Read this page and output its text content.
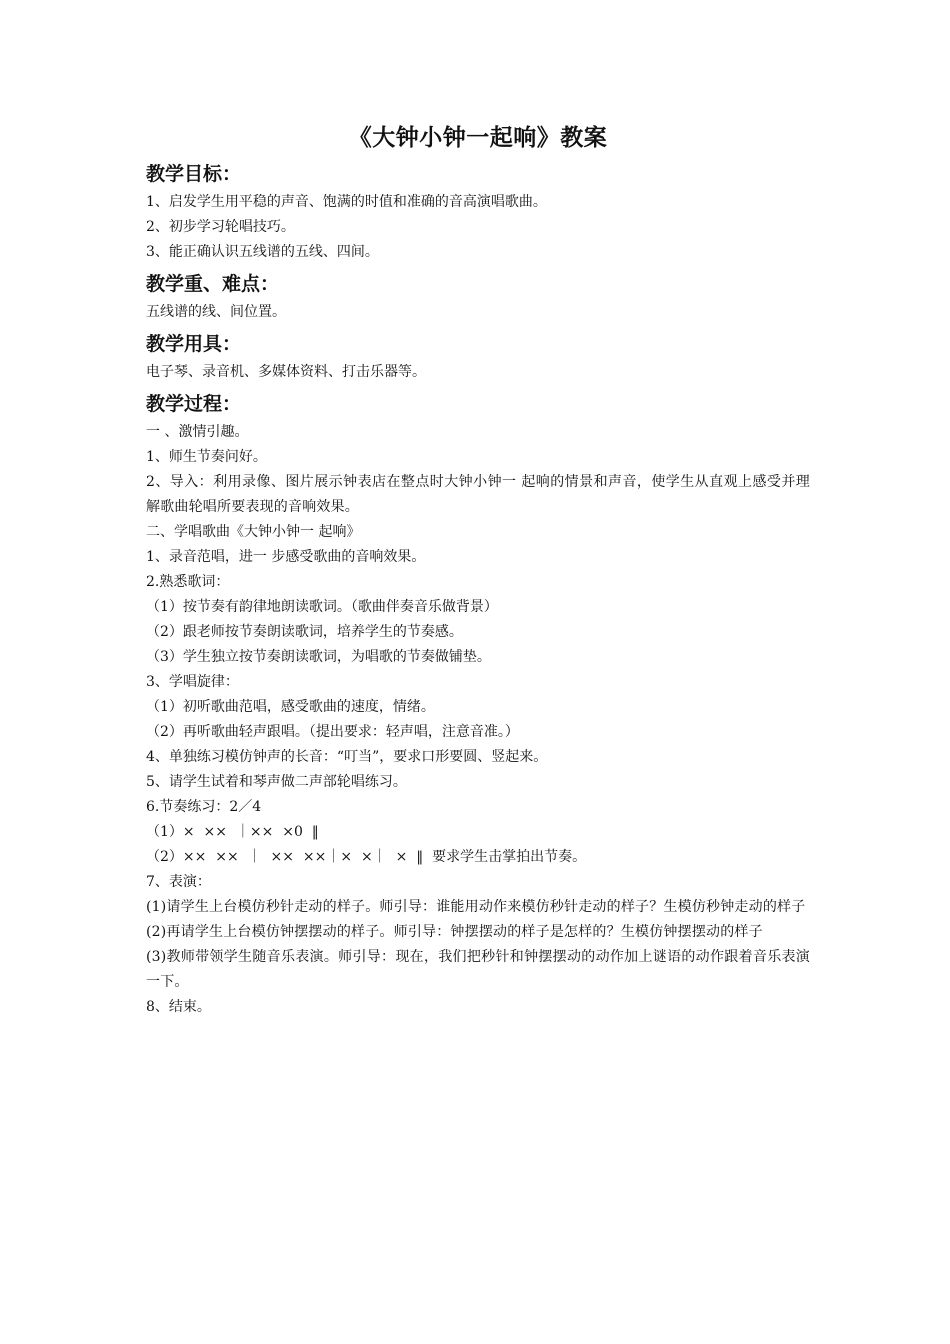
《大钟小钟一起响》教案
教学目标：

1、启发学生用平稳的声音、饱满的时值和准确的音高演唱歌曲。

2、初步学习轮唱技巧。

3、能正确认识五线谱的五线、四间。

教学重、难点：

五线谱的线、间位置。

教学用具：

电子琴、录音机、多媒体资料、打击乐器等。

教学过程：

一 、激情引趣。

1、师生节奏问好。

2、导入：利用录像、图片展示钟表店在整点时大钟小钟一 起响的情景和声音，使学生从直观上感受并理解歌曲轮唱所要表现的音响效果。

二、学唱歌曲《大钟小钟一 起响》

1、录音范唱，进一 步感受歌曲的音响效果。

2.熟悉歌词：

（1）按节奏有韵律地朗读歌词。（歌曲伴奏音乐做背景）

（2）跟老师按节奏朗读歌词，培养学生的节奏感。

（3）学生独立按节奏朗读歌词，为唱歌的节奏做铺垫。

3、学唱旋律：

（1）初听歌曲范唱，感受歌曲的速度，情绪。

（2）再听歌曲轻声跟唱。（提出要求：轻声唱，注意音准。）

4、单独练习模仿钟声的长音：“叮当”，要求口形要圆、竖起来。

5、请学生试着和琴声做二声部轮唱练习。

6.节奏练习：2／4

（1）×  ××  ｜××  ×0  ‖

（2）××  ××  ｜  ××  ××｜×  ×｜  ×  ‖  要求学生击掌拍出节奏。

7、表演：

(1)请学生上台模仿秒针走动的样子。师引导：谁能用动作来模仿秒针走动的样子？生模仿秒钟走动的样子

(2)再请学生上台模仿钟摆摆动的样子。师引导：钟摆摆动的样子是怎样的？生模仿钟摆摆动的样子

(3)教师带领学生随音乐表演。师引导：现在，我们把秒针和钟摆摆动的动作加上谜语的动作跟着音乐表演一下。

8、结束。
